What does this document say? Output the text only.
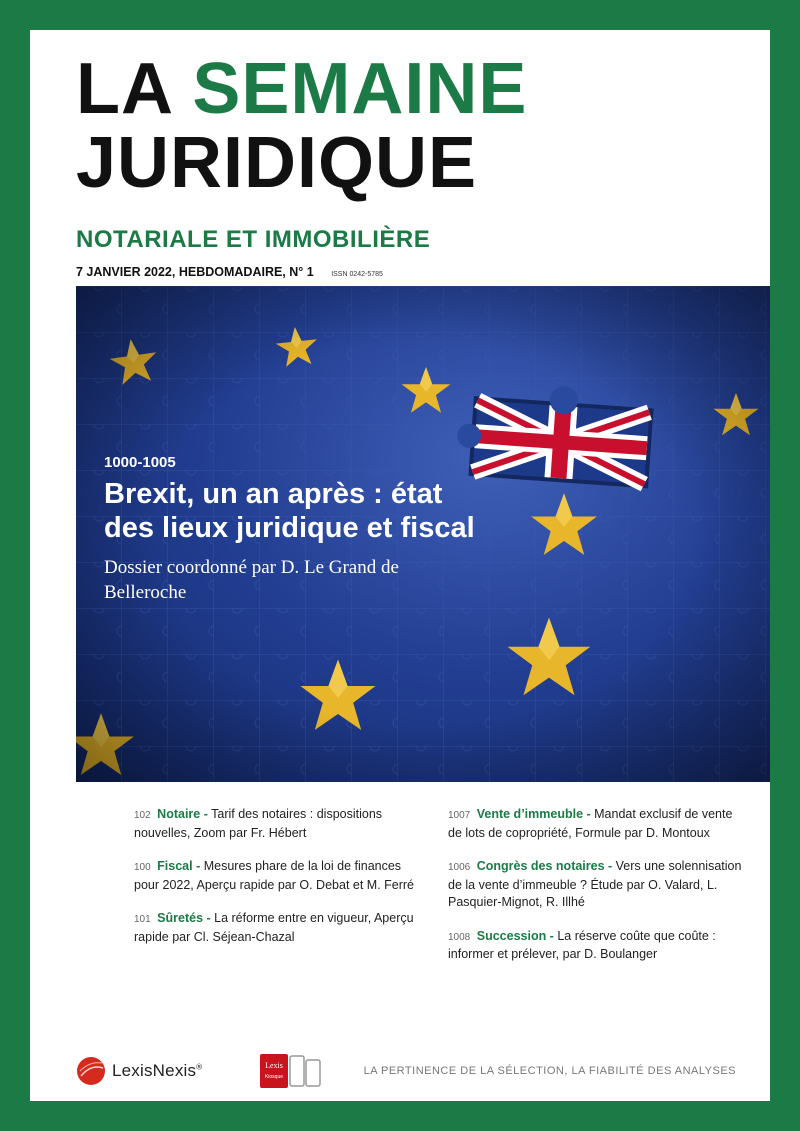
LA SEMAINE
JURIDIQUE
NOTARIALE ET IMMOBILIÈRE
7 JANVIER 2022, HEBDOMADAIRE, N° 1 ISSN 0242-5785
1000-1005
Brexit, un an après : état des lieux juridique et fiscal
Dossier coordonné par D. Le Grand de Belleroche
102 Notaire - Tarif des notaires : dispositions nouvelles, Zoom par Fr. Hébert
100 Fiscal - Mesures phare de la loi de finances pour 2022, Aperçu rapide par O. Debat et M. Ferré
101 Sûretés - La réforme entre en vigueur, Aperçu rapide par Cl. Séjean-Chazal
1007 Vente d’immeuble - Mandat exclusif de vente de lots de copropriété, Formule par D. Montoux
1006 Congrès des notaires - Vers une solennisation de la vente d’immeuble ? Étude par O. Valard, L. Pasquier-Mignot, R. Illhé
1008 Succession - La réserve coûte que coûte : informer et prélever, par D. Boulanger
LexisNexis®	Lexis
Kiosque	LA PERTINENCE DE LA SÉLECTION, LA FIABILITÉ DES ANALYSES
